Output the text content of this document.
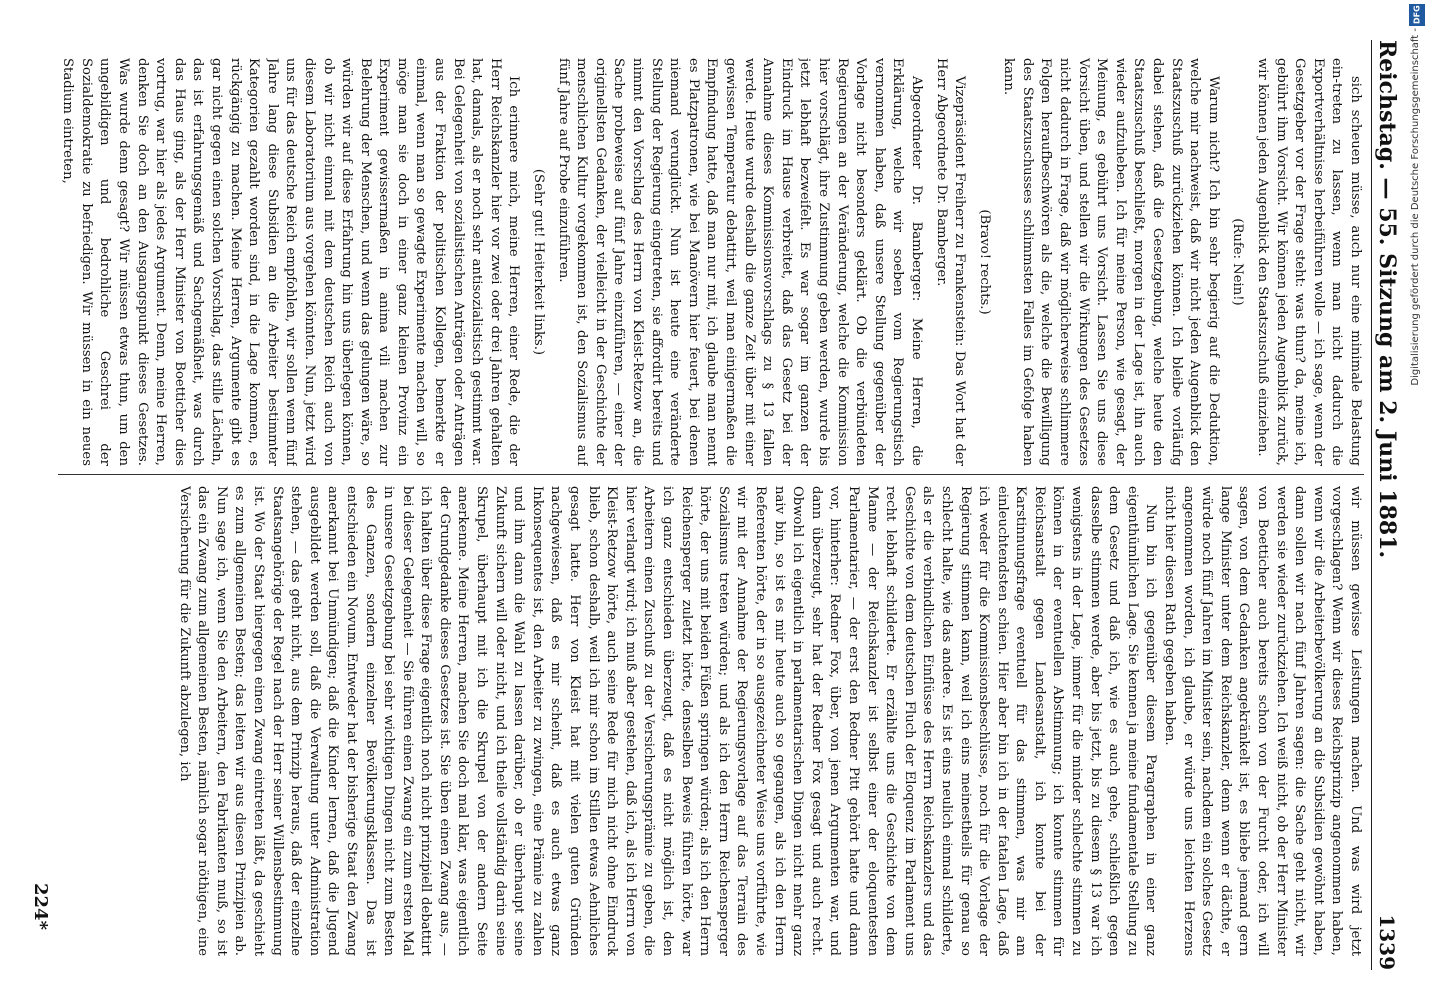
Reichstag. — 55. Sitzung am 2. Juni 1881.
1339

sich scheuen müsse, auch nur eine minimale Belastung ein-treten zu lassen, wenn man nicht dadurch die Exportverhältnisse herbeiführen wolle — ich sage, wenn der Gesetzgeber vor der Frage steht: was thun? da, meine ich, gebührt ihm Vorsicht. Wir können jeden Augenblick zurück, wir können jeden Augenblick den Staatszuschuß einziehen.

(Rufe: Nein!)

Warum nicht? Ich bin sehr begierig auf die Deduktion, welche mir nachweist, daß wir nicht jeden Augenblick den Staatszuschuß zurückziehen können. Ich bleibe vorläufig dabei stehen, daß die Gesetzgebung, welche heute den Staatszuschuß beschließt, morgen in der Lage ist, ihn auch wieder aufzuheben. Ich für meine Person, wie gesagt, der Meinung, es gebührt uns Vorsicht. Lassen Sie uns diese Vorsicht üben, und stellen wir die Wirkungen des Gesetzes nicht dadurch in Frage, daß wir möglicherweise schlimmere Folgen heraufbeschwören als die, welche die Bewilligung des Staatszuschusses schlimmsten Falles im Gefolge haben kann.

(Bravo! rechts.)

Vizepräsident Freiherr zu Frankenstein: Das Wort hat der Herr Abgeordnete Dr. Bamberger.

Abgeordneter Dr. Bamberger: Meine Herren, die Erklärung, welche wir soeben vom Regierungstisch vernommen haben, daß unsere Stellung gegenüber der Vorlage nicht besonders geklärt. Ob die verbündeten Regierungen an der Veränderung, welche die Kommission hier vorschlägt, ihre Zustimmung geben werden, wurde bis jetzt lebhaft bezweifelt. Es war sogar im ganzen der Eindruck im Hause verbreitet, daß das Gesetz bei der Annahme dieses Kommissionsvorschlags zu § 13 fallen werde. Heute wurde deshalb die ganze Zeit über mit einer gewissen Temperatur debattirt, weil man einigermaßen die Empfindung hatte, daß man nur mit, ich glaube man nennt es Platzpatronen, wie bei Manövern hier feuert, bei denen niemand verunglückt. Nun ist heute eine veränderte Stellung der Regierung eingetreten, sie affordirt bereits und nimmt den Vorschlag des Herrn von Kleist-Retzow an, die Sache probeweise auf fünf Jahre einzuführen, — einer der originellsten Gedanken, der vielleicht in der Geschichte der menschlichen Kultur vorgekommen ist, den Sozialismus auf fünf Jahre auf Probe einzuführen.

(Sehr gut! Heiterkeit links.)

Ich erinnere mich, meine Herren, einer Rede, die der Herr Reichskanzler hier vor zwei oder drei Jahren gehalten hat, damals, als er noch sehr antisozialistisch gestimmt war. Bei Gelegenheit von sozialistischen Anträgen oder Anträgen aus der Fraktion der politischen Kollegen, bemerkte er einmal, wenn man so gewagte Experimente machen will, so möge man sie doch in einer ganz kleinen Provinz ein Experiment gewissermaßen in anima vili machen zur Belehrung der Menschen, und wenn das gelungen wäre, so würden wir auf diese Erfahrung hin uns überlegen können, ob wir nicht einmal mit dem deutschen Reich auch von diesem Laboratorium aus vorgehen könnten. Nun, jetzt wird uns für das deutsche Reich empfohlen, wir sollen wenn fünf Jahre lang diese Subsidien an die Arbeiter bestimmter Kategorien gezahlt worden sind, in die Lage kommen, es rückgängig zu machen. Meine Herren, Argumente gibt es gar nicht gegen einen solchen Vorschlag, das stille Lächeln, das ist erfahrungsgemäß und Sachgemäßheit, was durch das Haus ging, als der Herr Minister von Boetticher dies vortrug, war hier als jedes Argument. Denn, meine Herren, denken Sie doch an den Ausgangspunkt dieses Gesetzes. Was wurde denn gesagt? Wir müssen etwas thun, um den ungebildigen und bedrohliche Geschrei der Sozialdemokratie zu befriedigen. Wir müssen in ein neues Stadium eintreten,

wir müssen gewisse Leistungen machen. Und was wird jetzt vorgeschlagen? Wenn wir dieses Reichsprinzip angenommen haben, wenn wir die Arbeiterbevölkerung an die Subsidien gewöhnt haben, dann sollen wir nach fünf Jahren sagen: die Sache geht nicht, wir werden sie wieder zurückziehen. Ich weiß nicht, ob der Herr Minister von Boetticher auch bereits schon von der Furcht oder, ich will sagen, von dem Gedanken angekränkelt ist, es bliebe jemand gern lange Minister unter dem Reichskanzler, denn wenn er dächte, er würde noch fünf Jahren im Minister sein, nachdem ein solches Gesetz angenommen worden, ich glaube, er würde uns leichten Herzens nicht hier diesen Rath gegeben haben.

Nun bin ich gegenüber diesem Paragraphen in einer ganz eigenthümlichen Lage. Sie kennen ja meine fundamentale Stellung zu dem Gesetz und daß ich, wie es auch gehe, schließlich gegen dasselbe stimmen werde, aber bis jetzt, bis zu diesem § 13 war ich wenigstens in der Lage, immer für die minder schlechte stimmen zu können in der eventuellen Abstimmung; ich konnte stimmen für Reichsanstalt gegen Landesanstalt, ich konnte bei der Karstinnungsfrage eventuell für das stimmen, was mir am einleuchtendsten schien. Hier aber bin ich in der fatalen Lage, daß ich weder für die Kommissionsbeschlüsse, noch für die Vorlage der Regierung stimmen kann, weil ich eins meinestheils für genau so schlecht halte, wie das andere. Es ist eins neulich einmal schilderte, als er die verbindlichen Einflüsse des Herrn Reichskanzlers und das Geschichte von dem deutschen Fluch der Eloquenz im Parlament uns recht lebhaft schilderte. Er erzählte uns die Geschichte von dem Manne — der Reichskanzler ist selbst einer der eloquentesten Parlamentarier, — der erst den Redner Pitt gehört hatte und dann vor, hinterher: Redner Fox, über, von jenen Argumenten war, und dann überzeugt, sehr hat der Redner Fox gesagt und auch recht. Obwohl ich eigentlich in parlamentarischen Dingen nicht mehr ganz naiv bin, so ist es mir heute auch so gegangen, als ich den Herrn Referenten hörte, der in so ausgezeichneter Weise uns vorführte, wie wir mit der Annahme der Regierungsvorlage auf das Terrain des Sozialismus treten würden; und als ich den Herrn Reichensperger hörte, der uns mit beiden Füßen springen würden; als ich den Herrn Reichensperger zuletzt hörte, denselben Beweis führen hörte, war ich ganz entschieden überzeugt, daß es nicht möglich ist, den Arbeitern einen Zuschuß zu der Versicherungsprämie zu geben, die hier verlangt wird; ich muß aber gestehen, daß ich, als ich Herrn von Kleist-Retzow hörte, auch seine Rede für mich nicht ohne Eindruck blieb, schon deshalb, weil ich mir schon im Stillen etwas Aehnliches gesagt hatte. Herr von Kleist hat mit vielen guten Gründen nachgewiesen, daß es mir scheint, daß es auch etwas ganz Inkonsequentes ist, den Arbeiter zu zwingen, eine Prämie zu zahlen und ihm dann die Wahl zu lassen darüber, ob er überhaupt seine Zukunft sichern will oder nicht, und ich theile vollständig darin seine Skrupel, überhaupt mit ich die Skrupel von der andern Seite anerkenne. Meine Herren, machen Sie doch mal klar, was eigentlich der Grundgedanke dieses Gesetzes ist. Sie üben einen Zwang aus, — ich halten über diese Frage eigentlich noch nicht prinzipiell debattirt bei dieser Gelegenheit — Sie führen einen Zwang ein zum ersten Mal in unsere Gesetzgebung bei sehr wichtigen Dingen nicht zum Besten des Ganzen, sondern einzelner Bevölkerungsklassen. Das ist entschieden ein Novum. Entweder hat der bisherige Staat den Zwang anerkannt bei Unmündigen; daß die Kinder lernen, daß die Jugend ausgebildet werden soll, daß die Verwaltung unter Administration stehen, — das geht nicht, aus dem Prinzip heraus, daß der einzelne Staatsangehörige der Regel nach der Herr seiner Willensbestimmung ist. Wo der Staat hiergegen einen Zwang eintreten läßt, da geschieht es zum allgemeinen Besten; das leiten wir aus diesen Prinzipien ab. Nun sage ich, wenn Sie den Arbeitern, den Fabrikanten muß, so ist das ein Zwang zum allgemeinen Besten, nämlich sogar nöthigen, eine Versicherung für die Zukunft abzulegen, ich

224*
DFG
Digitalisierung gefördert durch die Deutsche Forschungsgemeinschaft -
